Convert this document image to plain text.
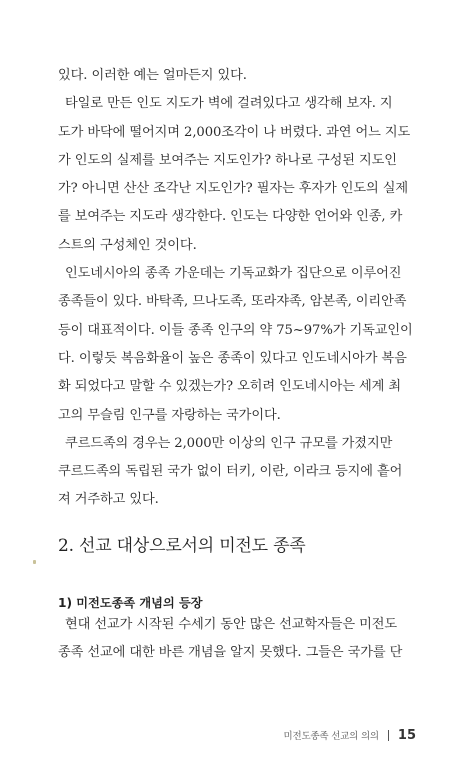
있다. 이러한 예는 얼마든지 있다.
타일로 만든 인도 지도가 벽에 걸려있다고 생각해 보자. 지
도가 바닥에 떨어지며 2,000조각이 나 버렸다. 과연 어느 지도
가 인도의 실제를 보여주는 지도인가? 하나로 구성된 지도인
가? 아니면 산산 조각난 지도인가? 필자는 후자가 인도의 실제
를 보여주는 지도라 생각한다. 인도는 다양한 언어와 인종, 카
스트의 구성체인 것이다.
인도네시아의 종족 가운데는 기독교화가 집단으로 이루어진
종족들이 있다. 바탁족, 므나도족, 또라쟈족, 암본족, 이리안족
등이 대표적이다. 이들 종족 인구의 약 75~97%가 기독교인이
다. 이렇듯 복음화율이 높은 종족이 있다고 인도네시아가 복음
화 되었다고 말할 수 있겠는가? 오히려 인도네시아는 세계 최
고의 무슬림 인구를 자랑하는 국가이다.
쿠르드족의 경우는 2,000만 이상의 인구 규모를 가졌지만
쿠르드족의 독립된 국가 없이 터키, 이란, 이라크 등지에 흩어
져 거주하고 있다.
2. 선교 대상으로서의 미전도 종족
1) 미전도종족 개념의 등장
현대 선교가 시작된 수세기 동안 많은 선교학자들은 미전도
종족 선교에 대한 바른 개념을 알지 못했다. 그들은 국가를 단
미전도종족 선교의 의의 15
